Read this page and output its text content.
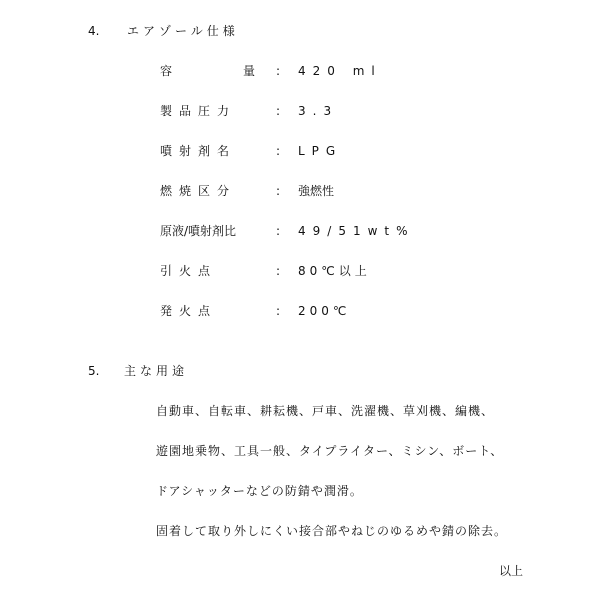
4. エアゾール仕様
容	量 : 420 ml
製品圧力	: 3.3
噴射剤名	: LPG
燃焼区分	: 強燃性
原液/噴射剤比	: 49/51wt%
引火点	: 80℃以上
発火点	: 200℃
5. 主な用途
自動車、自転車、耕耘機、戸車、洗濯機、草刈機、編機、
遊園地乗物、工具一般、タイプライター、ミシン、ボート、
ドアシャッターなどの防錆や潤滑。
固着して取り外しにくい接合部やねじのゆるめや錆の除去。
以上
